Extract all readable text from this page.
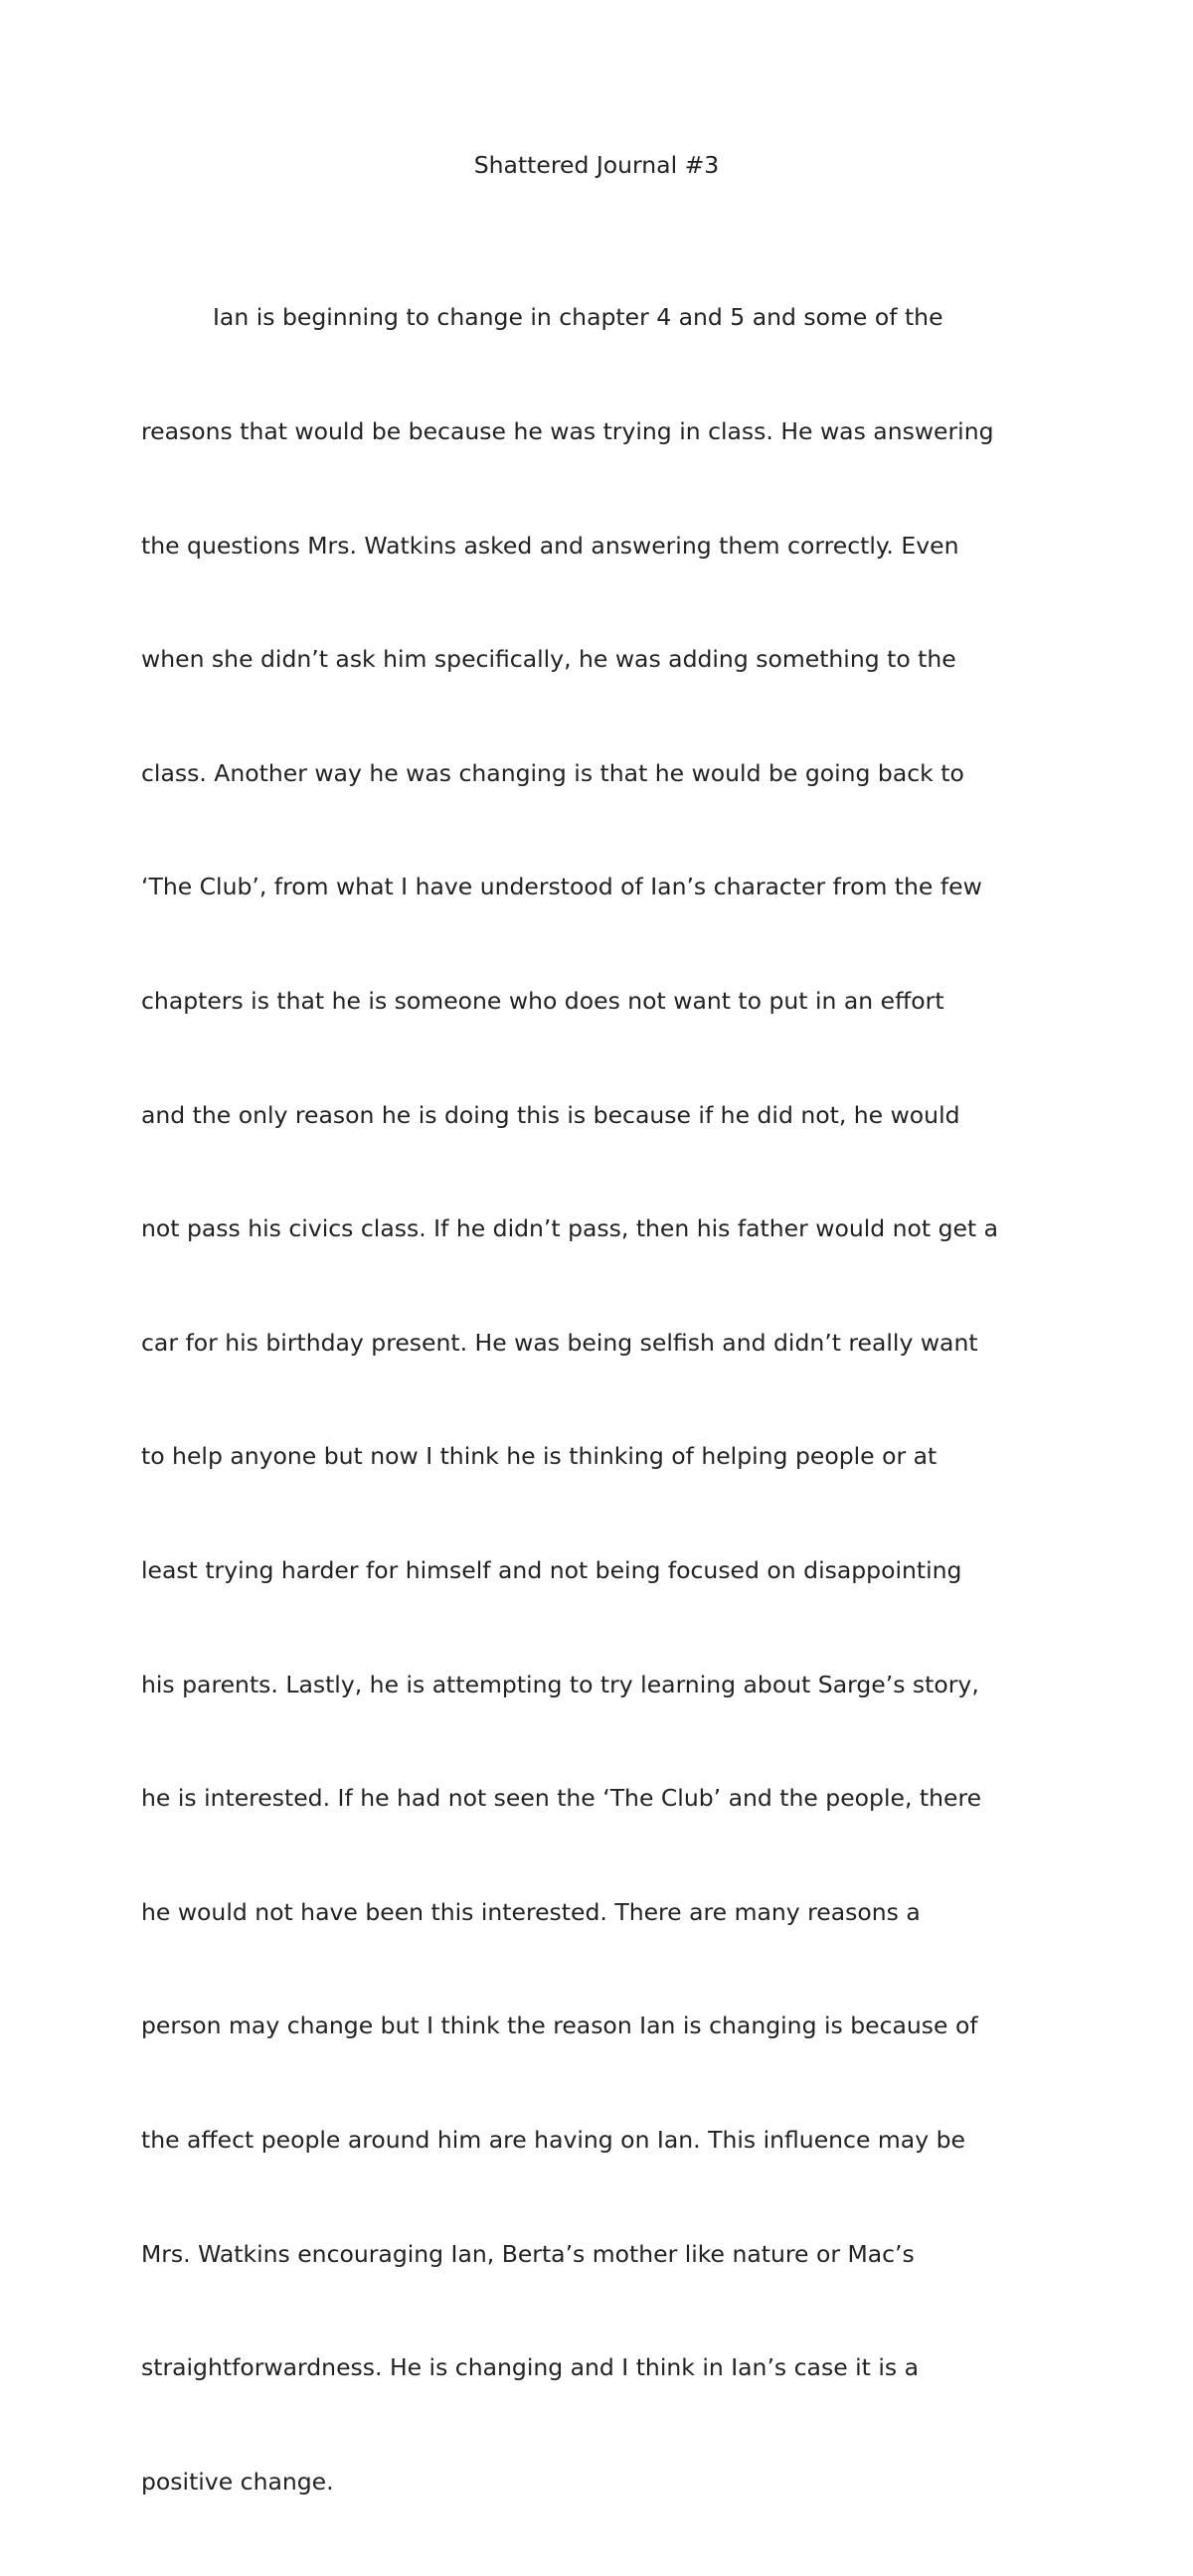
Shattered Journal #3

Ian is beginning to change in chapter 4 and 5 and some of the

reasons that would be because he was trying in class. He was answering

the questions Mrs. Watkins asked and answering them correctly. Even

when she didn’t ask him specifically, he was adding something to the

class. Another way he was changing is that he would be going back to

‘The Club’, from what I have understood of Ian’s character from the few

chapters is that he is someone who does not want to put in an effort

and the only reason he is doing this is because if he did not, he would

not pass his civics class. If he didn’t pass, then his father would not get a

car for his birthday present. He was being selfish and didn’t really want

to help anyone but now I think he is thinking of helping people or at

least trying harder for himself and not being focused on disappointing

his parents. Lastly, he is attempting to try learning about Sarge’s story,

he is interested. If he had not seen the ‘The Club’ and the people, there

he would not have been this interested. There are many reasons a

person may change but I think the reason Ian is changing is because of

the affect people around him are having on Ian. This influence may be

Mrs. Watkins encouraging Ian, Berta’s mother like nature or Mac’s

straightforwardness. He is changing and I think in Ian’s case it is a

positive change.
